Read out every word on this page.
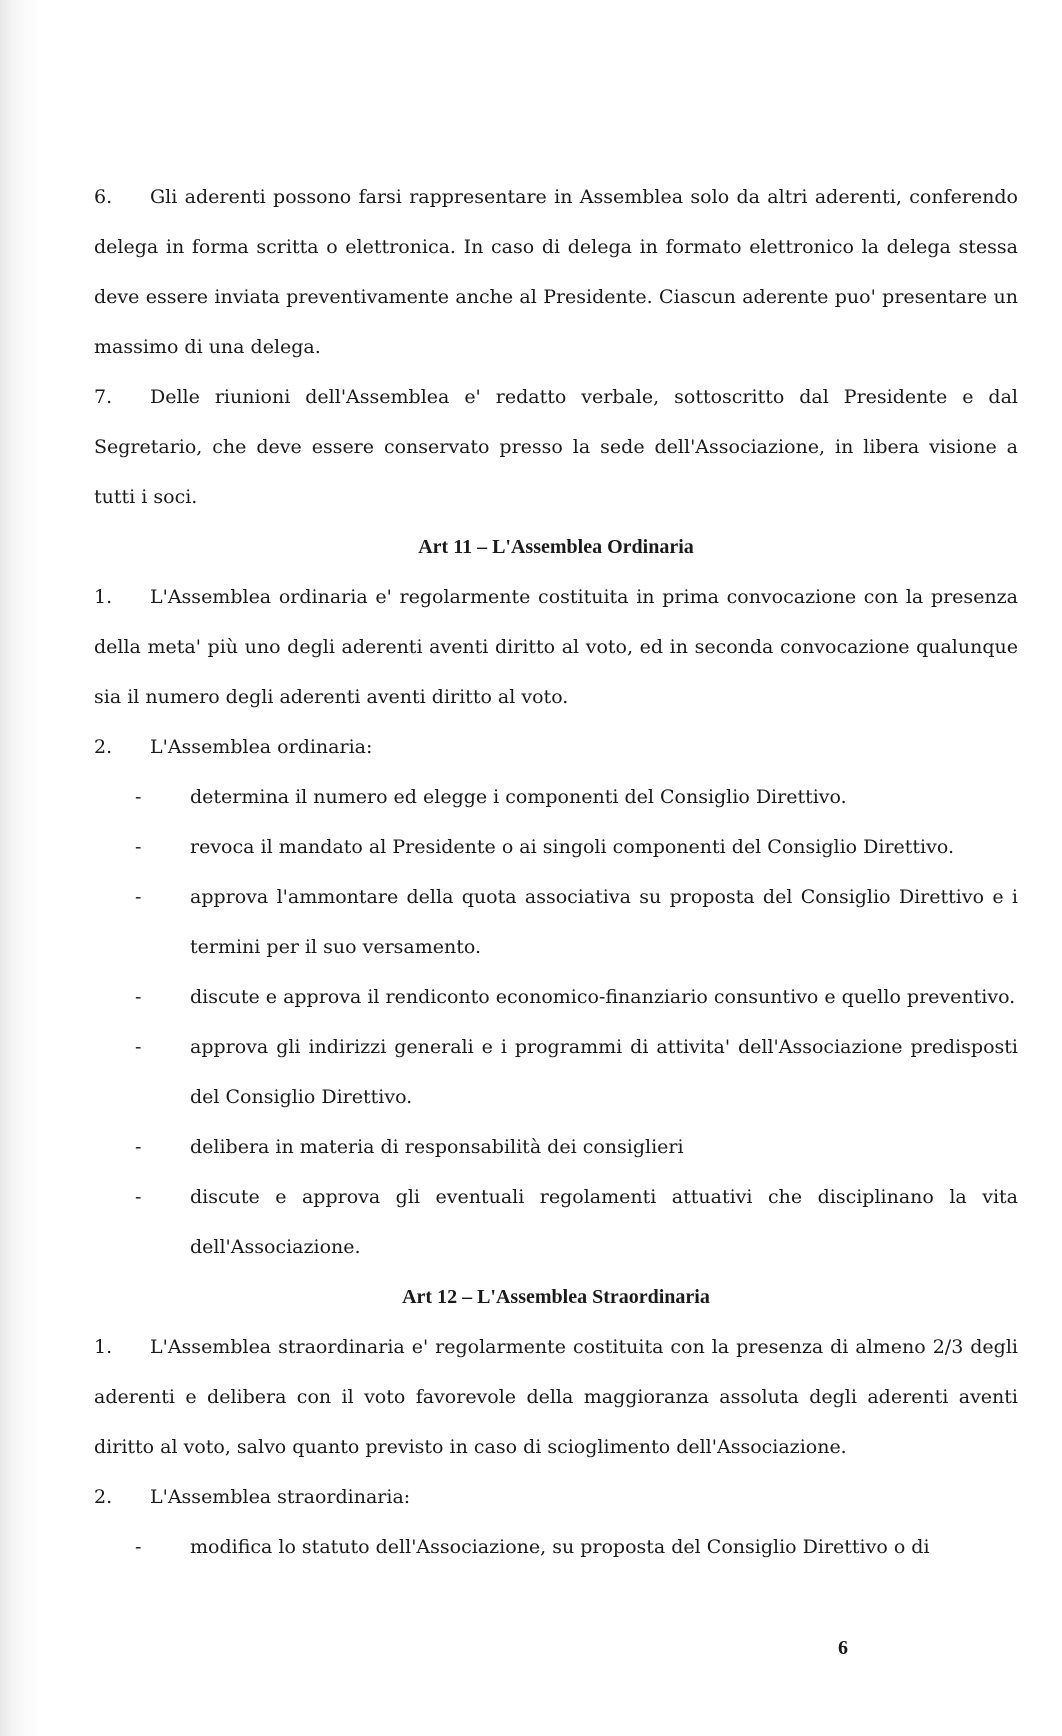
6. Gli aderenti possono farsi rappresentare in Assemblea solo da altri aderenti, conferendo delega in forma scritta o elettronica. In caso di delega in formato elettronico la delega stessa deve essere inviata preventivamente anche al Presidente. Ciascun aderente puo' presentare un massimo di una delega.

7. Delle riunioni dell'Assemblea e' redatto verbale, sottoscritto dal Presidente e dal Segretario, che deve essere conservato presso la sede dell'Associazione, in libera visione a tutti i soci.

Art 11 – L'Assemblea Ordinaria

1. L'Assemblea ordinaria e' regolarmente costituita in prima convocazione con la presenza della meta' più uno degli aderenti aventi diritto al voto, ed in seconda convocazione qualunque sia il numero degli aderenti aventi diritto al voto.

2. L'Assemblea ordinaria:

-	determina il numero ed elegge i componenti del Consiglio Direttivo.

-	revoca il mandato al Presidente o ai singoli componenti del Consiglio Direttivo.

-	approva l'ammontare della quota associativa su proposta del Consiglio Direttivo e i termini per il suo versamento.

-	discute e approva il rendiconto economico-finanziario consuntivo e quello preventivo.

-	approva gli indirizzi generali e i programmi di attivita' dell'Associazione predisposti del Consiglio Direttivo.

-	delibera in materia di responsabilità dei consiglieri

-	discute e approva gli eventuali regolamenti attuativi che disciplinano la vita dell'Associazione.

Art 12 – L'Assemblea Straordinaria

1. L'Assemblea straordinaria e' regolarmente costituita con la presenza di almeno 2/3 degli aderenti e delibera con il voto favorevole della maggioranza assoluta degli aderenti aventi diritto al voto, salvo quanto previsto in caso di scioglimento dell'Associazione.

2. L'Assemblea straordinaria:

-	modifica lo statuto dell'Associazione, su proposta del Consiglio Direttivo o di

6
